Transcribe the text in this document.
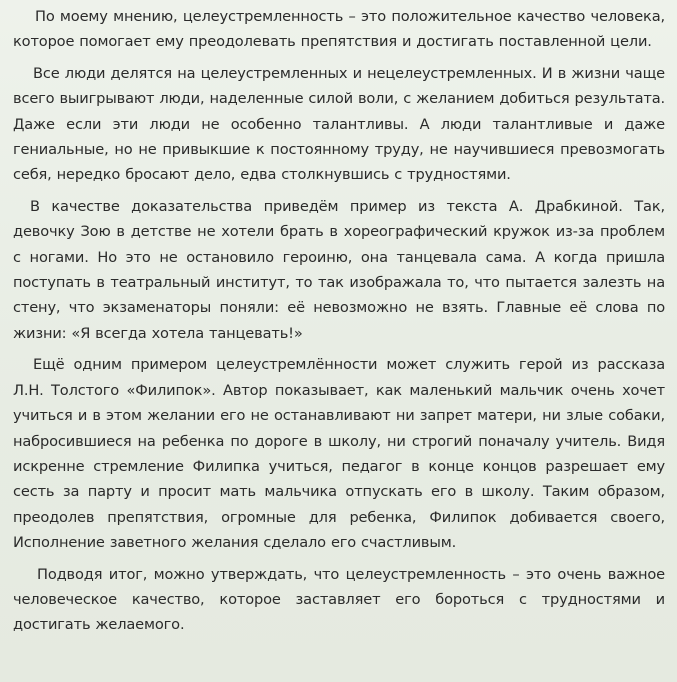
По моему мнению, целеустремленность – это положительное качество человека, которое помогает ему преодолевать препятствия и достигать поставленной цели.

Все люди делятся на целеустремленных и нецелеустремленных. И в жизни чаще всего выигрывают люди, наделенные силой воли, с желанием добиться результата. Даже если эти люди не особенно талантливы. А люди талантливые и даже гениальные, но не привыкшие к постоянному труду, не научившиеся превозмогать себя, нередко бросают дело, едва столкнувшись с трудностями.

В качестве доказательства приведём пример из текста А. Драбкиной. Так, девочку Зою в детстве не хотели брать в хореографический кружок из-за проблем с ногами. Но это не остановило героиню, она танцевала сама. А когда пришла поступать в театральный институт, то так изображала то, что пытается залезть на стену, что экзаменаторы поняли: её невозможно не взять. Главные её слова по жизни: «Я всегда хотела танцевать!»

Ещё одним примером целеустремлённости может служить герой из рассказа Л.Н. Толстого «Филипок». Автор показывает, как маленький мальчик очень хочет учиться и в этом желании его не останавливают ни запрет матери, ни злые собаки, набросившиеся на ребенка по дороге в школу, ни строгий поначалу учитель. Видя искренне стремление Филипка учиться, педагог в конце концов разрешает ему сесть за парту и просит мать мальчика отпускать его в школу. Таким образом, преодолев препятствия, огромные для ребенка, Филипок добивается своего, Исполнение заветного желания сделало его счастливым.

Подводя итог, можно утверждать, что целеустремленность – это очень важное человеческое качество, которое заставляет его бороться с трудностями и достигать желаемого.
